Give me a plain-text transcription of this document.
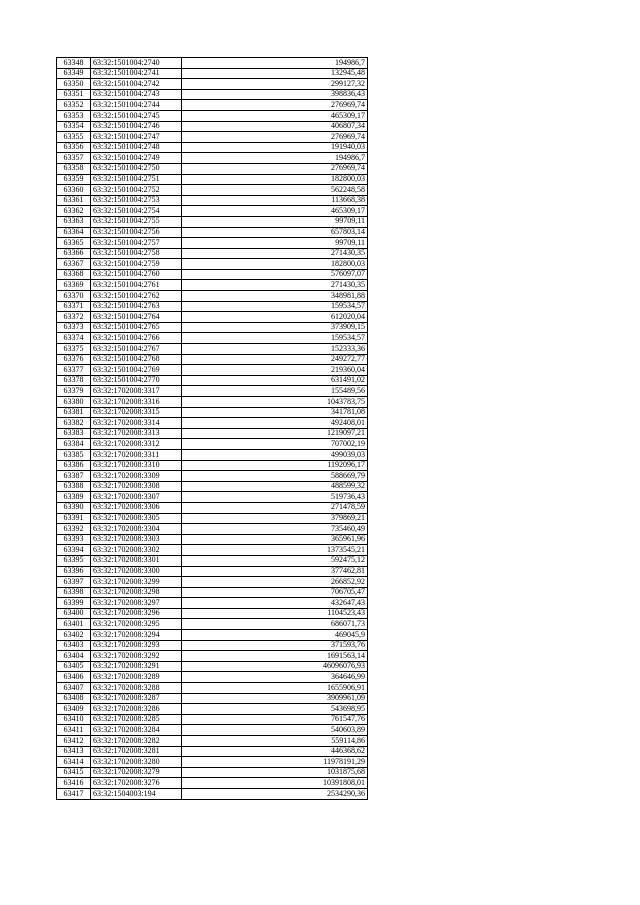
63348	63:32:1501004:2740	194986,7
63349	63:32:1501004:2741	132945,48
63350	63:32:1501004:2742	299127,32
63351	63:32:1501004:2743	398836,43
63352	63:32:1501004:2744	276969,74
63353	63:32:1501004:2745	465309,17
63354	63:32:1501004:2746	406807,34
63355	63:32:1501004:2747	276969,74
63356	63:32:1501004:2748	191940,03
63357	63:32:1501004:2749	194986,7
63358	63:32:1501004:2750	276969,74
63359	63:32:1501004:2751	182800,03
63360	63:32:1501004:2752	562248,58
63361	63:32:1501004:2753	113668,38
63362	63:32:1501004:2754	465309,17
63363	63:32:1501004:2755	99709,11
63364	63:32:1501004:2756	657803,14
63365	63:32:1501004:2757	99709,11
63366	63:32:1501004:2758	271430,35
63367	63:32:1501004:2759	182800,03
63368	63:32:1501004:2760	576097,07
63369	63:32:1501004:2761	271430,35
63370	63:32:1501004:2762	348981,88
63371	63:32:1501004:2763	159534,57
63372	63:32:1501004:2764	612020,04
63373	63:32:1501004:2765	373909,15
63374	63:32:1501004:2766	159534,57
63375	63:32:1501004:2767	152333,36
63376	63:32:1501004:2768	249272,77
63377	63:32:1501004:2769	219360,04
63378	63:32:1501004:2770	631491,02
63379	63:32:1702008:3317	155489,56
63380	63:32:1702008:3316	1043783,75
63381	63:32:1702008:3315	341781,08
63382	63:32:1702008:3314	492408,01
63383	63:32:1702008:3313	1219097,21
63384	63:32:1702008:3312	707002,19
63385	63:32:1702008:3311	499039,03
63386	63:32:1702008:3310	1192096,17
63387	63:32:1702008:3309	588669,79
63388	63:32:1702008:3308	488599,32
63389	63:32:1702008:3307	519736,43
63390	63:32:1702008:3306	271478,59
63391	63:32:1702008:3305	379869,21
63392	63:32:1702008:3304	735460,49
63393	63:32:1702008:3303	365961,96
63394	63:32:1702008:3302	1373545,21
63395	63:32:1702008:3301	592475,12
63396	63:32:1702008:3300	377462,81
63397	63:32:1702008:3299	266852,92
63398	63:32:1702008:3298	706705,47
63399	63:32:1702008:3297	432647,43
63400	63:32:1702008:3296	1104523,43
63401	63:32:1702008:3295	686071,73
63402	63:32:1702008:3294	469045,9
63403	63:32:1702008:3293	371593,76
63404	63:32:1702008:3292	1691563,14
63405	63:32:1702008:3291	46096076,93
63406	63:32:1702008:3289	364646,99
63407	63:32:1702008:3288	1655906,91
63408	63:32:1702008:3287	3909961,09
63409	63:32:1702008:3286	543698,95
63410	63:32:1702008:3285	761547,76
63411	63:32:1702008:3284	540603,89
63412	63:32:1702008:3282	559114,86
63413	63:32:1702008:3281	446368,62
63414	63:32:1702008:3280	11978191,29
63415	63:32:1702008:3279	1031875,68
63416	63:32:1702008:3276	10391808,01
63417	63:32:1504003:194	2534290,36
